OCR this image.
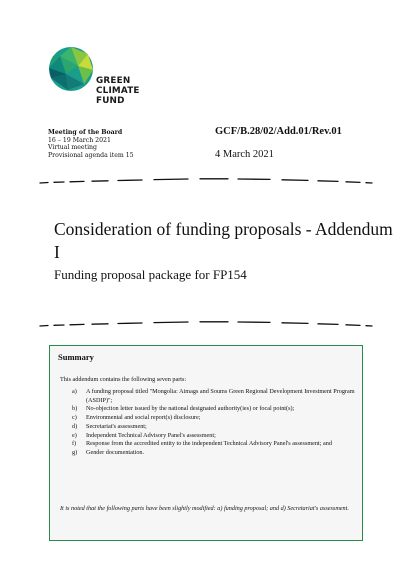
GREEN
CLIMATE
FUND
Meeting of the Board
16 – 19 March 2021
Virtual meeting
Provisional agenda item 15
GCF/B.28/02/Add.01/Rev.01
4 March 2021
Consideration of funding proposals - Addendum I
Funding proposal package for FP154
Summary
This addendum contains the following seven parts:
a) A funding proposal titled "Mongolia: Aimags and Soums Green Regional Development Investment Program (ASDIP)";
b) No-objection letter issued by the national designated authority(ies) or focal point(s);
c) Environmental and social report(s) disclosure;
d) Secretariat's assessment;
e) Independent Technical Advisory Panel's assessment;
f) Response from the accredited entity to the independent Technical Advisory Panel's assessment; and
g) Gender documentation.
It is noted that the following parts have been slightly modified: a) funding proposal; and d) Secretariat's assessment.
